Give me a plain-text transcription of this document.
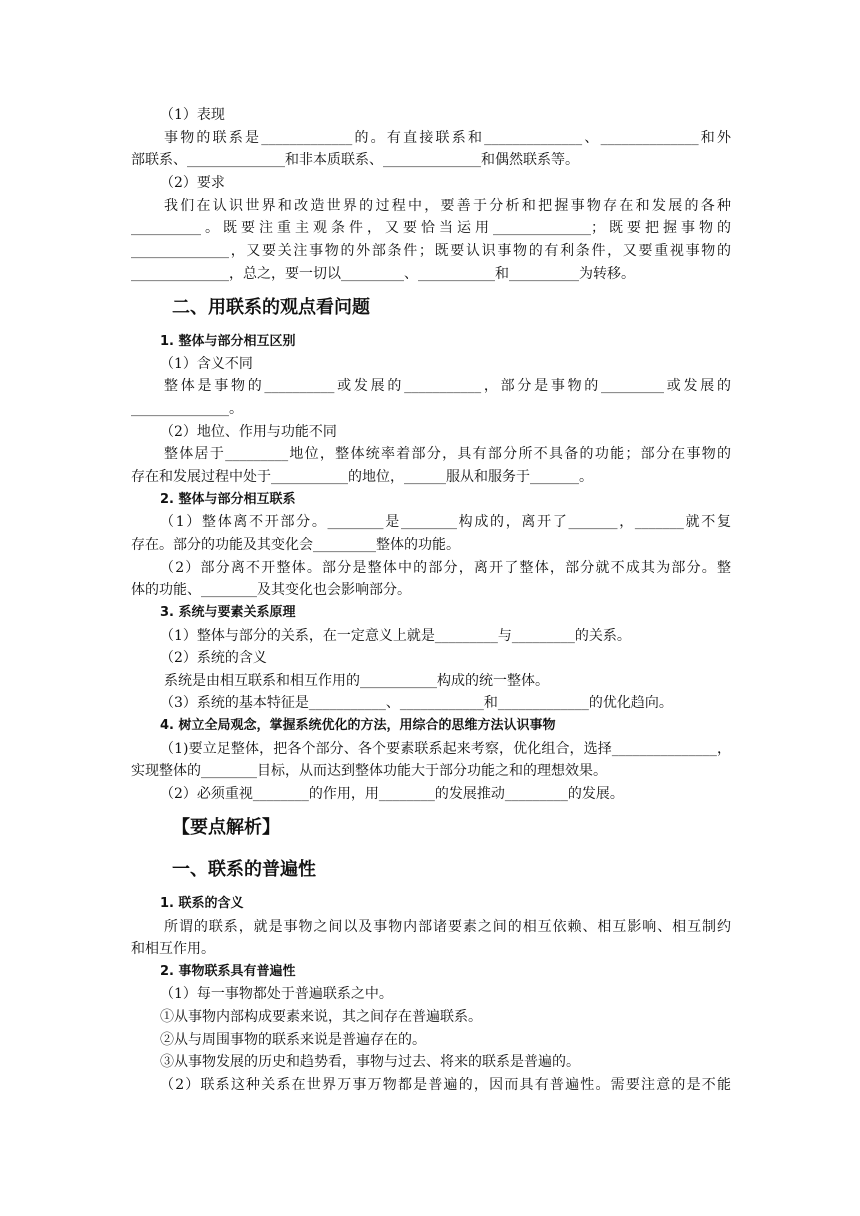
（1）表现
事物的联系是_____________的。有直接联系和______________、______________和外
部联系、______________和非本质联系、______________和偶然联系等。
（2）要求
我们在认识世界和改造世界的过程中，要善于分析和把握事物存在和发展的各种
__________。既要注重主观条件，又要恰当运用______________；既要把握事物的
______________，又要关注事物的外部条件；既要认识事物的有利条件，又要重视事物的
______________，总之，要一切以_________、___________和__________为转移。
二、用联系的观点看问题
1. 整体与部分相互区别
（1）含义不同
整体是事物的__________或发展的___________，部分是事物的_________或发展的
______________。
（2）地位、作用与功能不同
整体居于_________地位，整体统率着部分，具有部分所不具备的功能；部分在事物的
存在和发展过程中处于___________的地位，______服从和服务于_______。
2. 整体与部分相互联系
（1）整体离不开部分。________是________构成的，离开了_______，_______就不复
存在。部分的功能及其变化会_________整体的功能。
（2）部分离不开整体。部分是整体中的部分，离开了整体，部分就不成其为部分。整
体的功能、________及其变化也会影响部分。
3. 系统与要素关系原理
（1）整体与部分的关系，在一定意义上就是_________与_________的关系。
（2）系统的含义
系统是由相互联系和相互作用的___________构成的统一整体。
（3）系统的基本特征是___________、____________和_____________的优化趋向。
4. 树立全局观念，掌握系统优化的方法，用综合的思维方法认识事物
（1)要立足整体，把各个部分、各个要素联系起来考察，优化组合，选择_______________，
实现整体的________目标，从而达到整体功能大于部分功能之和的理想效果。
（2）必须重视________的作用，用________的发展推动_________的发展。
【要点解析】
一、联系的普遍性
1. 联系的含义
所谓的联系，就是事物之间以及事物内部诸要素之间的相互依赖、相互影响、相互制约
和相互作用。
2. 事物联系具有普遍性
（1）每一事物都处于普遍联系之中。
①从事物内部构成要素来说，其之间存在普遍联系。
②从与周围事物的联系来说是普遍存在的。
③从事物发展的历史和趋势看，事物与过去、将来的联系是普遍的。
（2）联系这种关系在世界万事万物都是普遍的，因而具有普遍性。需要注意的是不能
